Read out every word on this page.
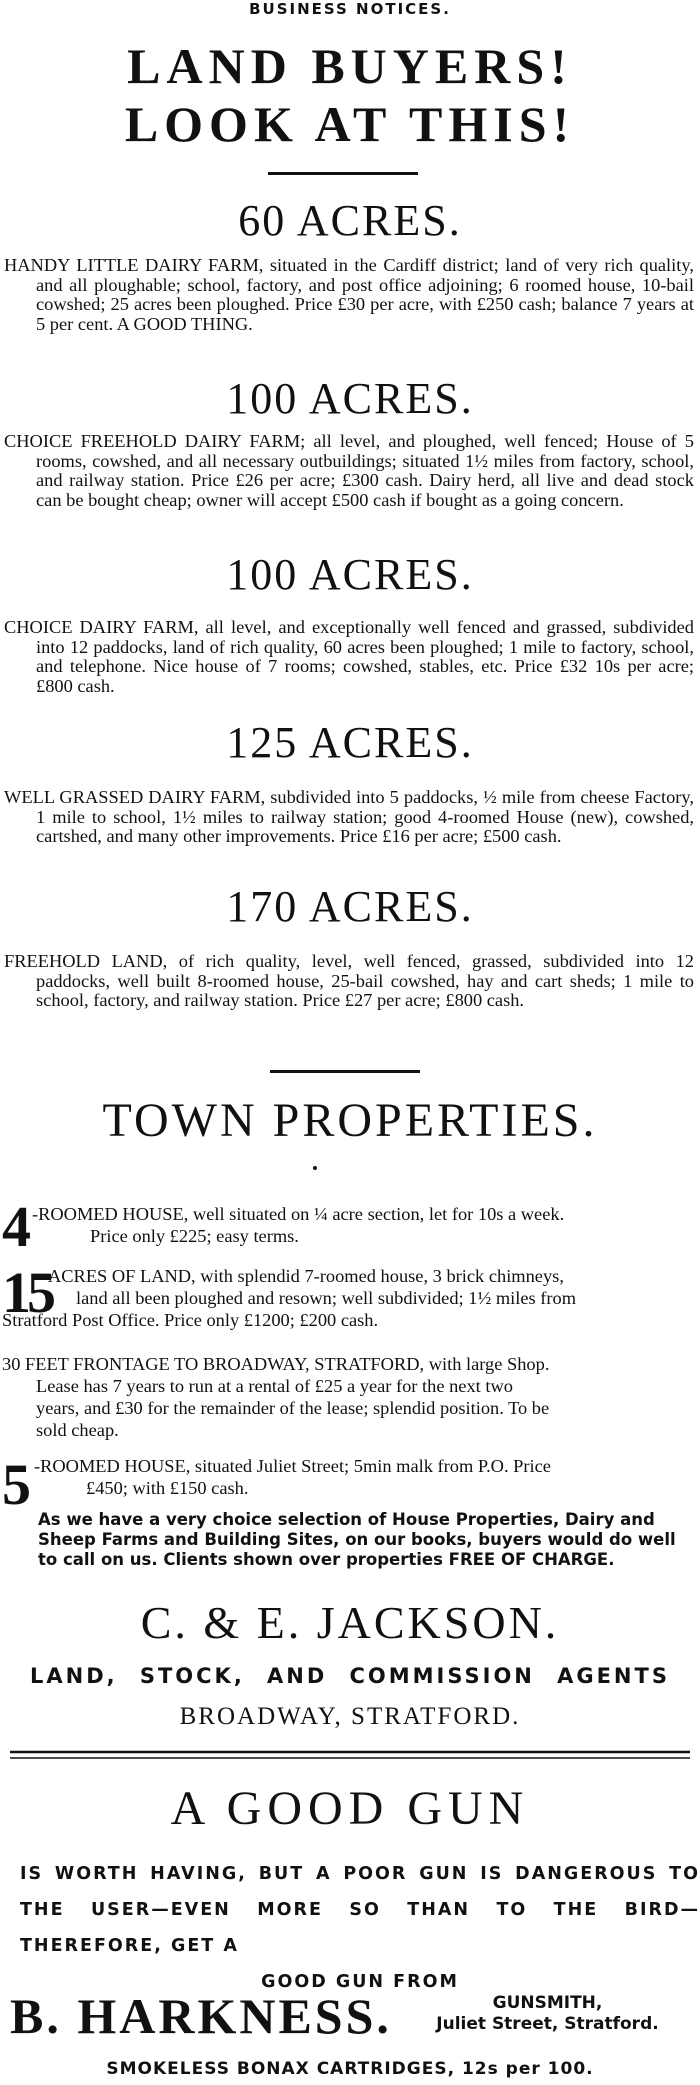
BUSINESS NOTICES.
LAND BUYERS!
LOOK AT THIS!
60 ACRES.
HANDY LITTLE DAIRY FARM, situated in the Cardiff district; land of very rich quality, and all ploughable; school, factory, and post office adjoining; 6 roomed house, 10-bail cowshed; 25 acres been ploughed. Price £30 per acre, with £250 cash; balance 7 years at 5 per cent. A GOOD THING.
100 ACRES.
CHOICE FREEHOLD DAIRY FARM; all level, and ploughed, well fenced; House of 5 rooms, cowshed, and all necessary outbuildings; situated 1½ miles from factory, school, and railway station. Price £26 per acre; £300 cash. Dairy herd, all live and dead stock can be bought cheap; owner will accept £500 cash if bought as a going concern.
100 ACRES.
CHOICE DAIRY FARM, all level, and exceptionally well fenced and grassed, subdivided into 12 paddocks, land of rich quality, 60 acres been ploughed; 1 mile to factory, school, and telephone. Nice house of 7 rooms; cowshed, stables, etc. Price £32 10s per acre; £800 cash.
125 ACRES.
WELL GRASSED DAIRY FARM, subdivided into 5 paddocks, ½ mile from cheese Factory, 1 mile to school, 1½ miles to railway station; good 4-roomed House (new), cowshed, cartshed, and many other improvements. Price £16 per acre; £500 cash.
170 ACRES.
FREEHOLD LAND, of rich quality, level, well fenced, grassed, subdivided into 12 paddocks, well built 8-roomed house, 25-bail cowshed, hay and cart sheds; 1 mile to school, factory, and railway station. Price £27 per acre; £800 cash.
TOWN PROPERTIES.
4 -ROOMED HOUSE, well situated on ¼ acre section, let for 10s a week.
Price only £225; easy terms.
15
ACRES OF LAND, with splendid 7-roomed house, 3 brick chimneys,
land all been ploughed and resown; well subdivided; 1½ miles from
Stratford Post Office. Price only £1200; £200 cash.
30 FEET FRONTAGE TO BROADWAY, STRATFORD, with large Shop.
Lease has 7 years to run at a rental of £25 a year for the next two
years, and £30 for the remainder of the lease; splendid position. To be
sold cheap.
5 -ROOMED HOUSE, situated Juliet Street; 5min malk from P.O. Price
£450; with £150 cash.
As we have a very choice selection of House Properties, Dairy and Sheep Farms and Building Sites, on our books, buyers would do well to call on us. Clients shown over properties FREE OF CHARGE.
C. & E. JACKSON.
LAND, STOCK, AND COMMISSION AGENTS
BROADWAY, STRATFORD.
A GOOD GUN
IS WORTH HAVING, BUT A POOR GUN IS DANGEROUS TO THE USER—EVEN MORE SO THAN TO THE BIRD—THEREFORE, GET A
GOOD GUN FROM
B. HARKNESS.	GUNSMITH,
Juliet Street, Stratford.
SMOKELESS BONAX CARTRIDGES, 12s per 100.
